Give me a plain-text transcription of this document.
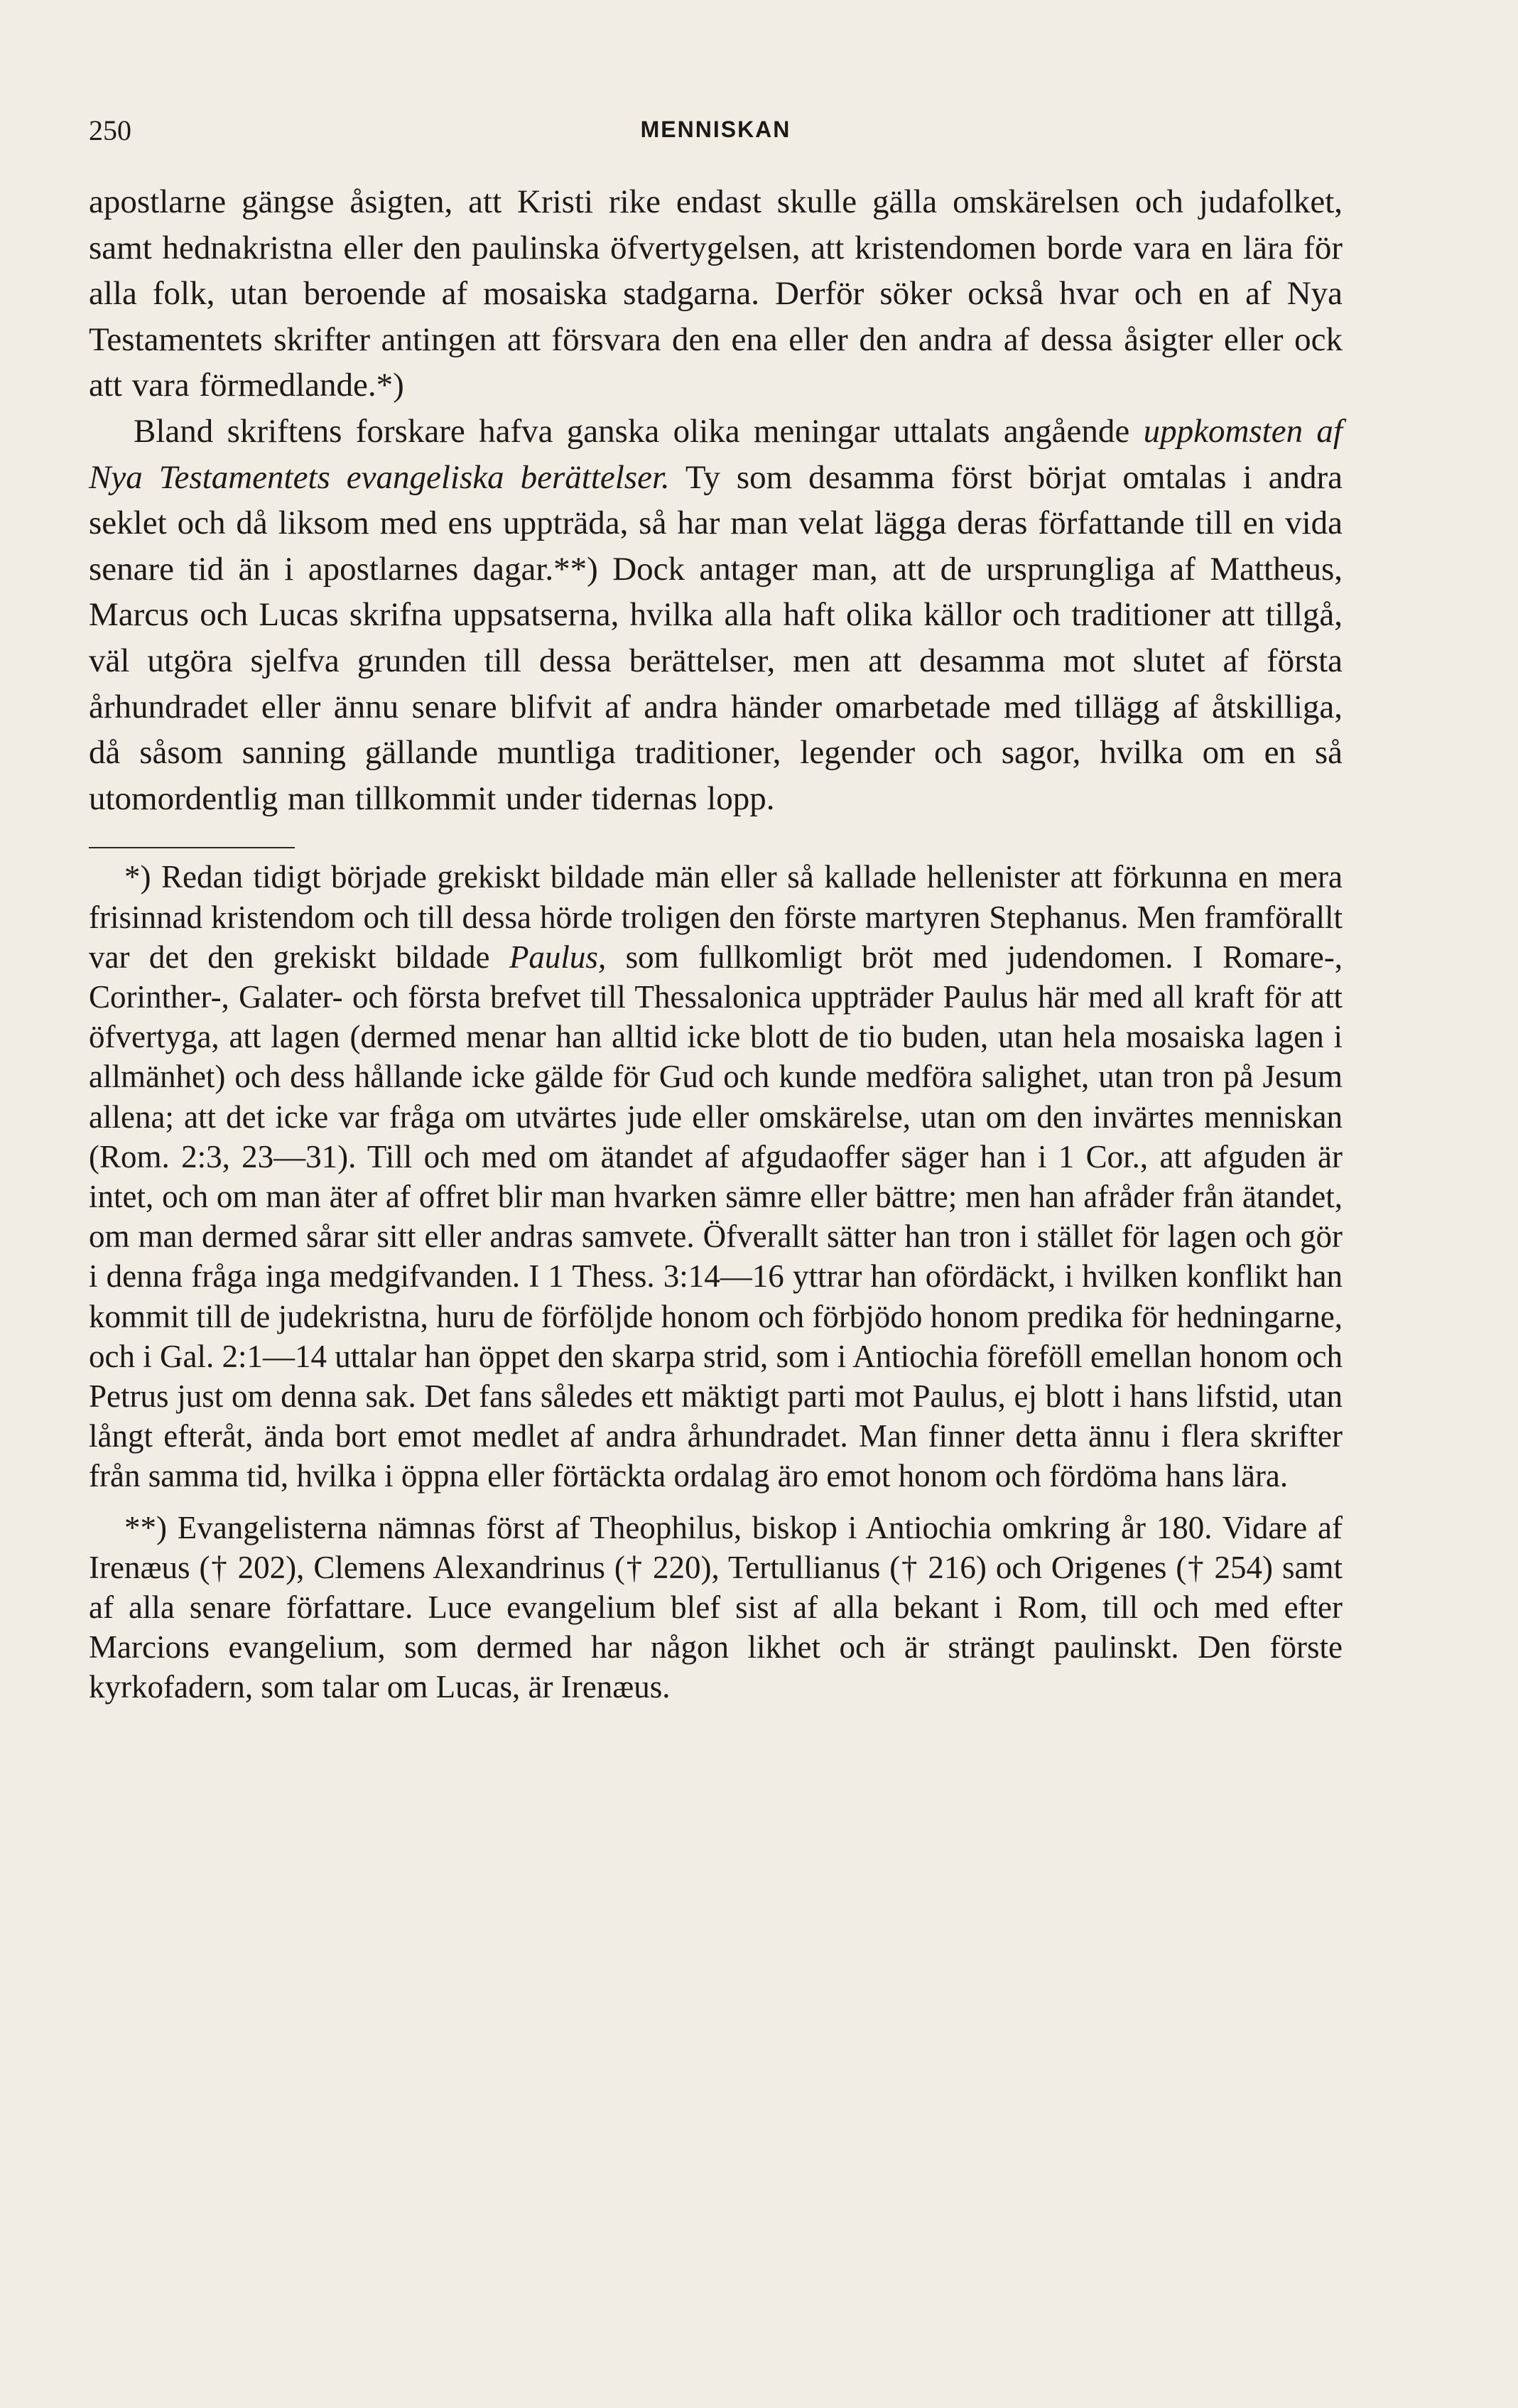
250	MENNISKAN

apostlarne gängse åsigten, att Kristi rike endast skulle gälla omskärelsen och judafolket, samt hednakristna eller den paulinska öfvertygelsen, att kristendomen borde vara en lära för alla folk, utan beroende af mosaiska stadgarna. Derför söker också hvar och en af Nya Testamentets skrifter antingen att försvara den ena eller den andra af dessa åsigter eller ock att vara förmedlande.*)

Bland skriftens forskare hafva ganska olika meningar uttalats angående uppkomsten af Nya Testamentets evangeliska berättelser. Ty som desamma först börjat omtalas i andra seklet och då liksom med ens uppträda, så har man velat lägga deras författande till en vida senare tid än i apostlarnes dagar.**) Dock antager man, att de ursprungliga af Mattheus, Marcus och Lucas skrifna uppsatserna, hvilka alla haft olika källor och traditioner att tillgå, väl utgöra sjelfva grunden till dessa berättelser, men att desamma mot slutet af första århundradet eller ännu senare blifvit af andra händer omarbetade med tillägg af åtskilliga, då såsom sanning gällande muntliga traditioner, legender och sagor, hvilka om en så utomordentlig man tillkommit under tidernas lopp.

*) Redan tidigt började grekiskt bildade män eller så kallade hellenister att förkunna en mera frisinnad kristendom och till dessa hörde troligen den förste martyren Stephanus. Men framförallt var det den grekiskt bildade Paulus, som fullkomligt bröt med judendomen. I Romare-, Corinther-, Galater- och första brefvet till Thessalonica uppträder Paulus här med all kraft för att öfvertyga, att lagen (dermed menar han alltid icke blott de tio buden, utan hela mosaiska lagen i allmänhet) och dess hållande icke gälde för Gud och kunde medföra salighet, utan tron på Jesum allena; att det icke var fråga om utvärtes jude eller omskärelse, utan om den invärtes menniskan (Rom. 2:3, 23—31). Till och med om ätandet af afgudaoffer säger han i 1 Cor., att afguden är intet, och om man äter af offret blir man hvarken sämre eller bättre; men han afråder från ätandet, om man dermed sårar sitt eller andras samvete. Öfverallt sätter han tron i stället för lagen och gör i denna fråga inga medgifvanden. I 1 Thess. 3:14—16 yttrar han ofördäckt, i hvilken konflikt han kommit till de judekristna, huru de förföljde honom och förbjödo honom predika för hedningarne, och i Gal. 2:1—14 uttalar han öppet den skarpa strid, som i Antiochia föreföll emellan honom och Petrus just om denna sak. Det fans således ett mäktigt parti mot Paulus, ej blott i hans lifstid, utan långt efteråt, ända bort emot medlet af andra århundradet. Man finner detta ännu i flera skrifter från samma tid, hvilka i öppna eller förtäckta ordalag äro emot honom och fördöma hans lära.

**) Evangelisterna nämnas först af Theophilus, biskop i Antiochia omkring år 180. Vidare af Irenæus († 202), Clemens Alexandrinus († 220), Tertullianus († 216) och Origenes († 254) samt af alla senare författare. Luce evangelium blef sist af alla bekant i Rom, till och med efter Marcions evangelium, som dermed har någon likhet och är strängt paulinskt. Den förste kyrkofadern, som talar om Lucas, är Irenæus.
